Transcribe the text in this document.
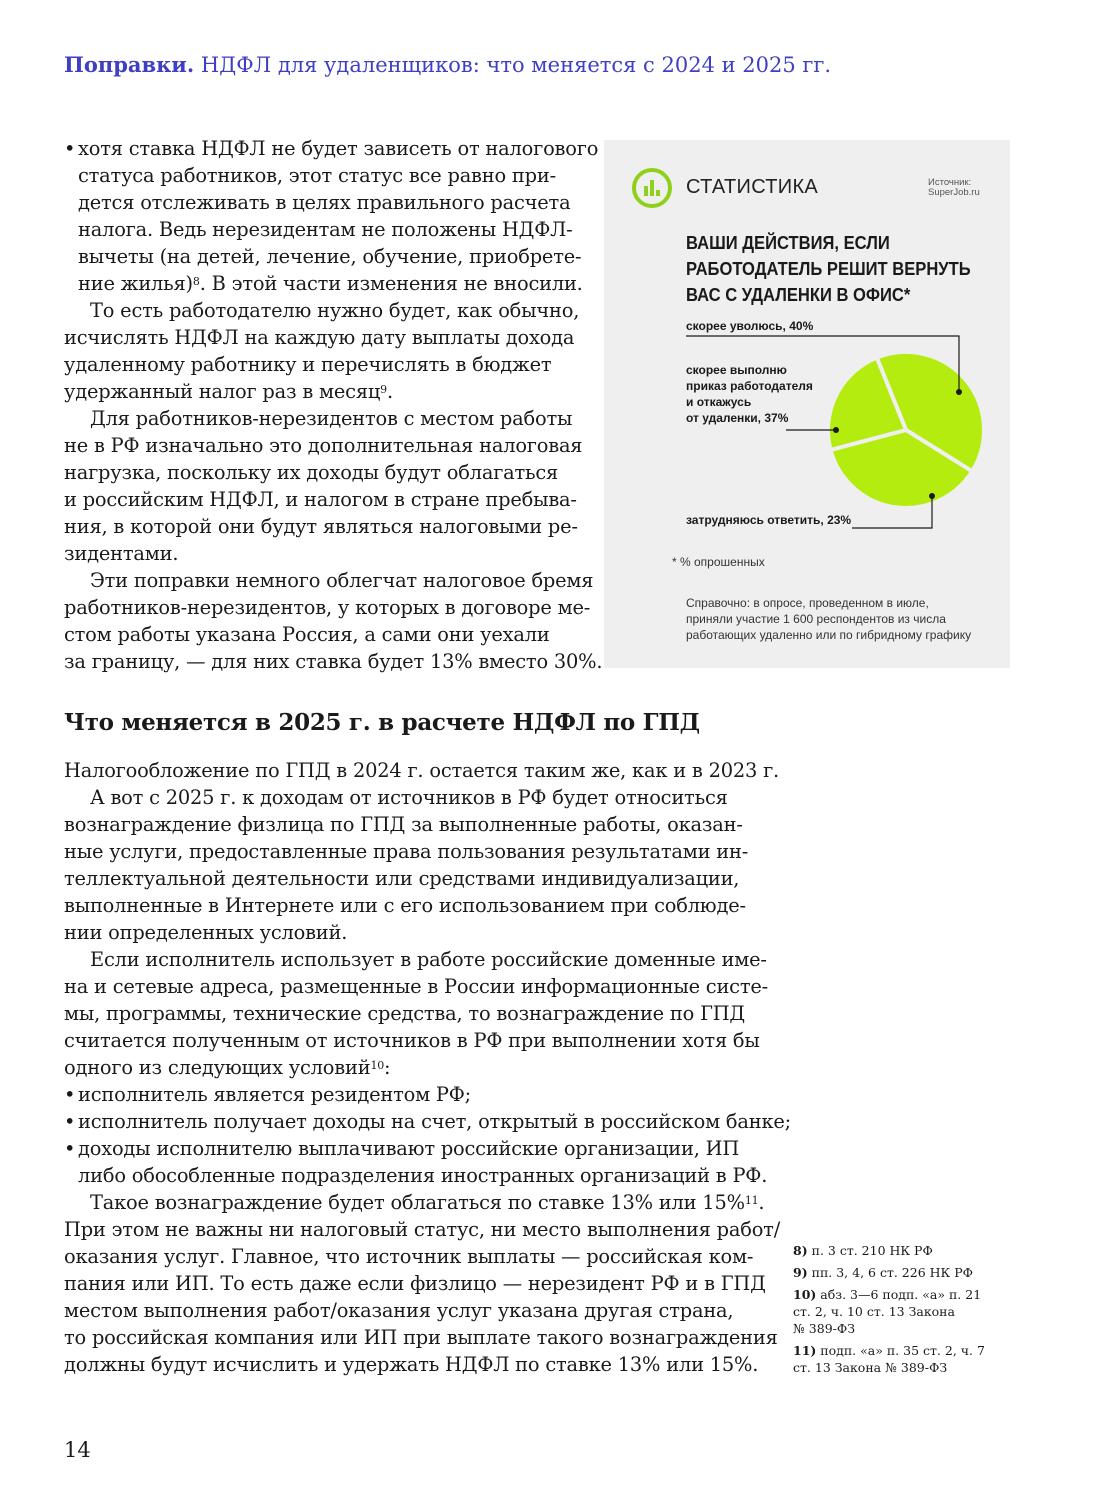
Поправки. НДФЛ для удаленщиков: что меняется с 2024 и 2025 гг.
• хотя ставка НДФЛ не будет зависеть от налогового
статуса работников, этот статус все равно при-
дется отслеживать в целях правильного расчета
налога. Ведь нерезидентам не положены НДФЛ-
вычеты (на детей, лечение, обучение, приобрете-
ние жилья)$^8$. В этой части изменения не вносили.
То есть работодателю нужно будет, как обычно,
исчислять НДФЛ на каждую дату выплаты дохода
удаленному работнику и перечислять в бюджет
удержанный налог раз в месяц$^9$.
Для работников-нерезидентов с местом работы
не в РФ изначально это дополнительная налоговая
нагрузка, поскольку их доходы будут облагаться
и российским НДФЛ, и налогом в стране пребыва-
ния, в которой они будут являться налоговыми ре-
зидентами.
Эти поправки немного облегчат налоговое бремя
работников-нерезидентов, у которых в договоре ме-
стом работы указана Россия, а сами они уехали
за границу, — для них ставка будет 13% вместо 30%.
СТАТИСТИКА	Источник:
SuperJob.ru
ВАШИ ДЕЙСТВИЯ, ЕСЛИ
РАБОТОДАТЕЛЬ РЕШИТ ВЕРНУТЬ
ВАС С УДАЛЕНКИ В ОФИС*
скорее уволюсь, 40%
скорее выполню
приказ работодателя
и откажусь
от удаленки, 37%
затрудняюсь ответить, 23%
* % опрошенных
Справочно: в опросе, проведенном в июле,
приняли участие 1 600 респондентов из числа
работающих удаленно или по гибридному графику
Что меняется в 2025 г. в расчете НДФЛ по ГПД
Налогообложение по ГПД в 2024 г. остается таким же, как и в 2023 г.
А вот с 2025 г. к доходам от источников в РФ будет относиться
вознаграждение физлица по ГПД за выполненные работы, оказан-
ные услуги, предоставленные права пользования результатами ин-
теллектуальной деятельности или средствами индивидуализации,
выполненные в Интернете или с его использованием при соблюде-
нии определенных условий.
Если исполнитель использует в работе российские доменные име-
на и сетевые адреса, размещенные в России информационные систе-
мы, программы, технические средства, то вознаграждение по ГПД
считается полученным от источников в РФ при выполнении хотя бы
одного из следующих условий$^{10}$:
• исполнитель является резидентом РФ;
• исполнитель получает доходы на счет, открытый в российском банке;
• доходы исполнителю выплачивают российские организации, ИП
либо обособленные подразделения иностранных организаций в РФ.
Такое вознаграждение будет облагаться по ставке 13% или 15%$^{11}$.
При этом не важны ни налоговый статус, ни место выполнения работ/
оказания услуг. Главное, что источник выплаты — российская ком-
пания или ИП. То есть даже если физлицо — нерезидент РФ и в ГПД
местом выполнения работ/оказания услуг указана другая страна,
то российская компания или ИП при выплате такого вознаграждения
должны будут исчислить и удержать НДФЛ по ставке 13% или 15%.
8) п. 3 ст. 210 НК РФ
9) пп. 3, 4, 6 ст. 226 НК РФ
10) абз. 3—6 подп. «а» п. 21
ст. 2, ч. 10 ст. 13 Закона
№ 389-ФЗ
11) подп. «а» п. 35 ст. 2, ч. 7
ст. 13 Закона № 389-ФЗ
14
